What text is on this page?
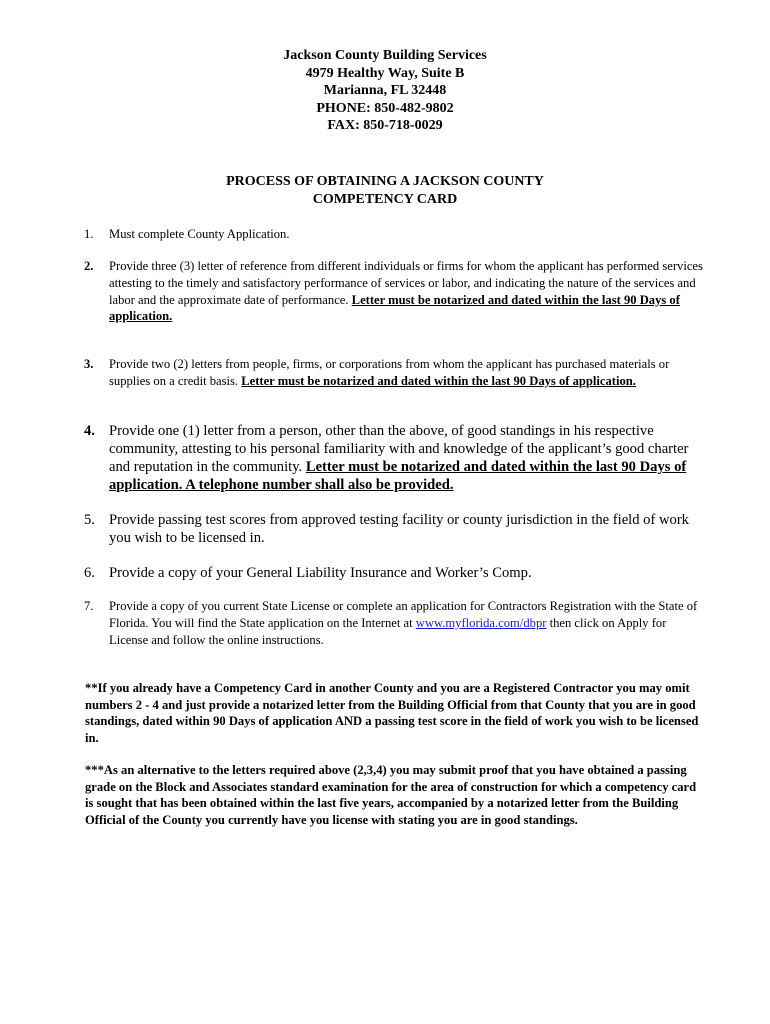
Jackson County Building Services
4979 Healthy Way, Suite B
Marianna, FL 32448
PHONE: 850-482-9802
FAX: 850-718-0029
PROCESS OF OBTAINING A JACKSON COUNTY
COMPETENCY CARD
1. Must complete County Application.
2. Provide three (3) letter of reference from different individuals or firms for whom the applicant has performed services attesting to the timely and satisfactory performance of services or labor, and indicating the nature of the services and labor and the approximate date of performance. Letter must be notarized and dated within the last 90 Days of application.
3. Provide two (2) letters from people, firms, or corporations from whom the applicant has purchased materials or supplies on a credit basis. Letter must be notarized and dated within the last 90 Days of application.
4. Provide one (1) letter from a person, other than the above, of good standings in his respective community, attesting to his personal familiarity with and knowledge of the applicant’s good charter and reputation in the community. Letter must be notarized and dated within the last 90 Days of application. A telephone number shall also be provided.
5. Provide passing test scores from approved testing facility or county jurisdiction in the field of work you wish to be licensed in.
6. Provide a copy of your General Liability Insurance and Worker’s Comp.
7. Provide a copy of you current State License or complete an application for Contractors Registration with the State of Florida. You will find the State application on the Internet at www.myflorida.com/dbpr then click on Apply for License and follow the online instructions.
**If you already have a Competency Card in another County and you are a Registered Contractor you may omit numbers 2 - 4 and just provide a notarized letter from the Building Official from that County that you are in good standings, dated within 90 Days of application AND a passing test score in the field of work you wish to be licensed in.
***As an alternative to the letters required above (2,3,4) you may submit proof that you have obtained a passing grade on the Block and Associates standard examination for the area of construction for which a competency card is sought that has been obtained within the last five years, accompanied by a notarized letter from the Building Official of the County you currently have you license with stating you are in good standings.
